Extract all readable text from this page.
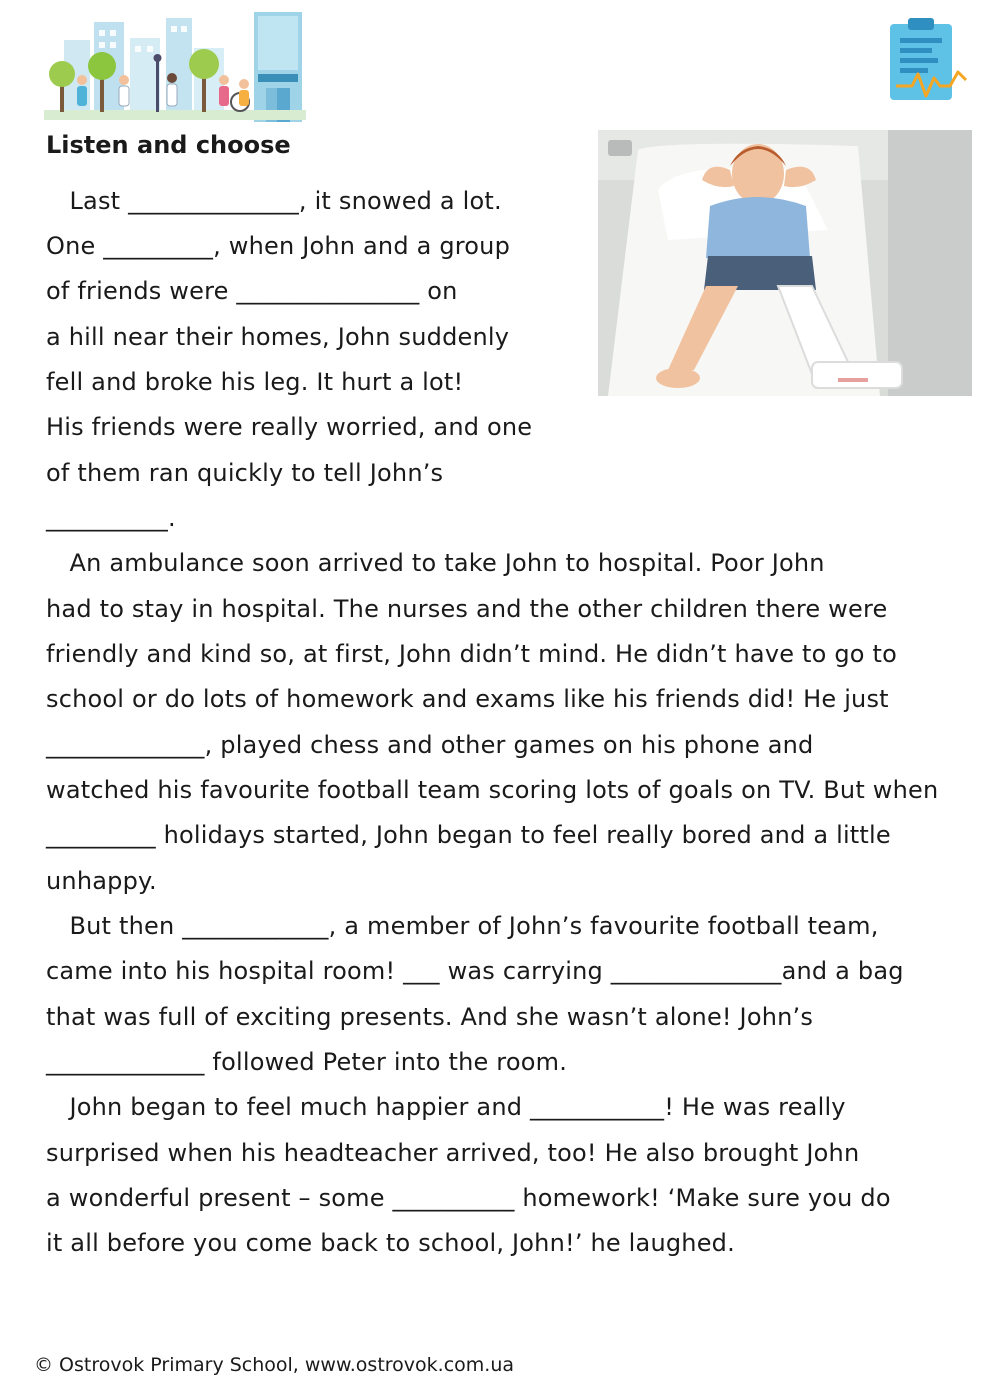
Listen and choose

Last ______________, it snowed a lot.

One _________, when John and a group

of friends were _______________ on

a hill near their homes, John suddenly

fell and broke his leg. It hurt a lot!

His friends were really worried, and one

of them ran quickly to tell John’s

__________.

An ambulance soon arrived to take John to hospital. Poor John

had to stay in hospital. The nurses and the other children there were

friendly and kind so, at first, John didn’t mind. He didn’t have to go to

school or do lots of homework and exams like his friends did! He just

_____________, played chess and other games on his phone and

watched his favourite football team scoring lots of goals on TV. But when

_________ holidays started, John began to feel really bored and a little

unhappy.

But then ____________, a member of John’s favourite football team,

came into his hospital room! ___ was carrying ______________and a bag

that was full of exciting presents. And she wasn’t alone! John’s

_____________ followed Peter into the room.

John began to feel much happier and ___________! He was really

surprised when his headteacher arrived, too! He also brought John

a wonderful present – some __________ homework! ‘Make sure you do

it all before you come back to school, John!’ he laughed.

© Ostrovok Primary School, www.ostrovok.com.ua
